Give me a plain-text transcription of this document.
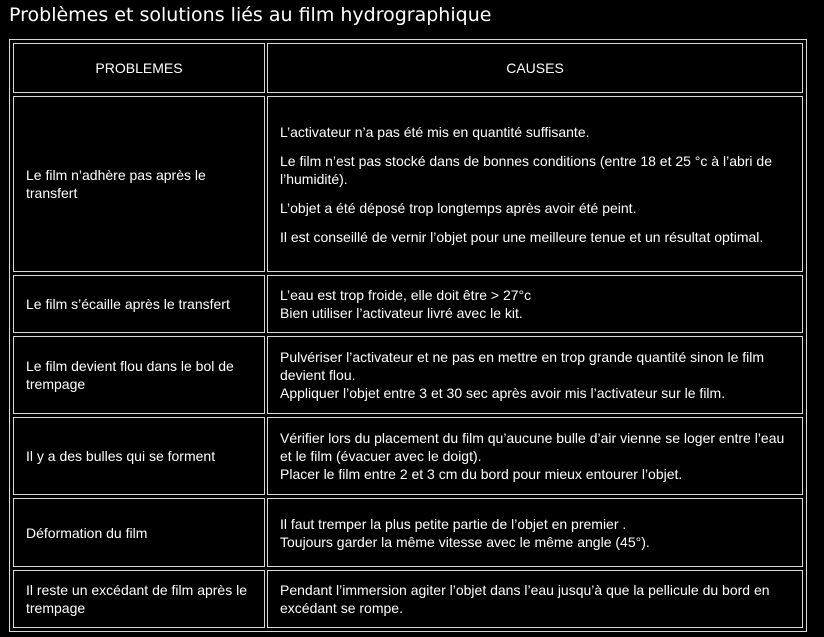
Problèmes et solutions liés au film hydrographique
PROBLEMES	CAUSES
Le film n’adhère pas après le transfert

L’activateur n’a pas été mis en quantité suffisante.

Le film n’est pas stocké dans de bonnes conditions (entre 18 et 25 °c à l’abri de l’humidité).

L’objet a été déposé trop longtemps après avoir été peint.

Il est conseillé de vernir l’objet pour une meilleure tenue et un résultat optimal.

Le film s’écaille après le transfert

L’eau est trop froide, elle doit être > 27°c

Bien utiliser l’activateur livré avec le kit.

Le film devient flou dans le bol de trempage

Pulvériser l’activateur et ne pas en mettre en trop grande quantité sinon le film devient flou.

Appliquer l’objet entre 3 et 30 sec après avoir mis l’activateur sur le film.

Il y a des bulles qui se forment

Vérifier lors du placement du film qu’aucune bulle d’air vienne se loger entre l’eau et le film (évacuer avec le doigt).

Placer le film entre 2 et 3 cm du bord pour mieux entourer l’objet.

Déformation du film

Il faut tremper la plus petite partie de l’objet en premier .

Toujours garder la même vitesse avec le même angle (45°).

Il reste un excédant de film après le trempage

Pendant l’immersion agiter l’objet dans l’eau jusqu’à que la pellicule du bord en excédant se rompe.
